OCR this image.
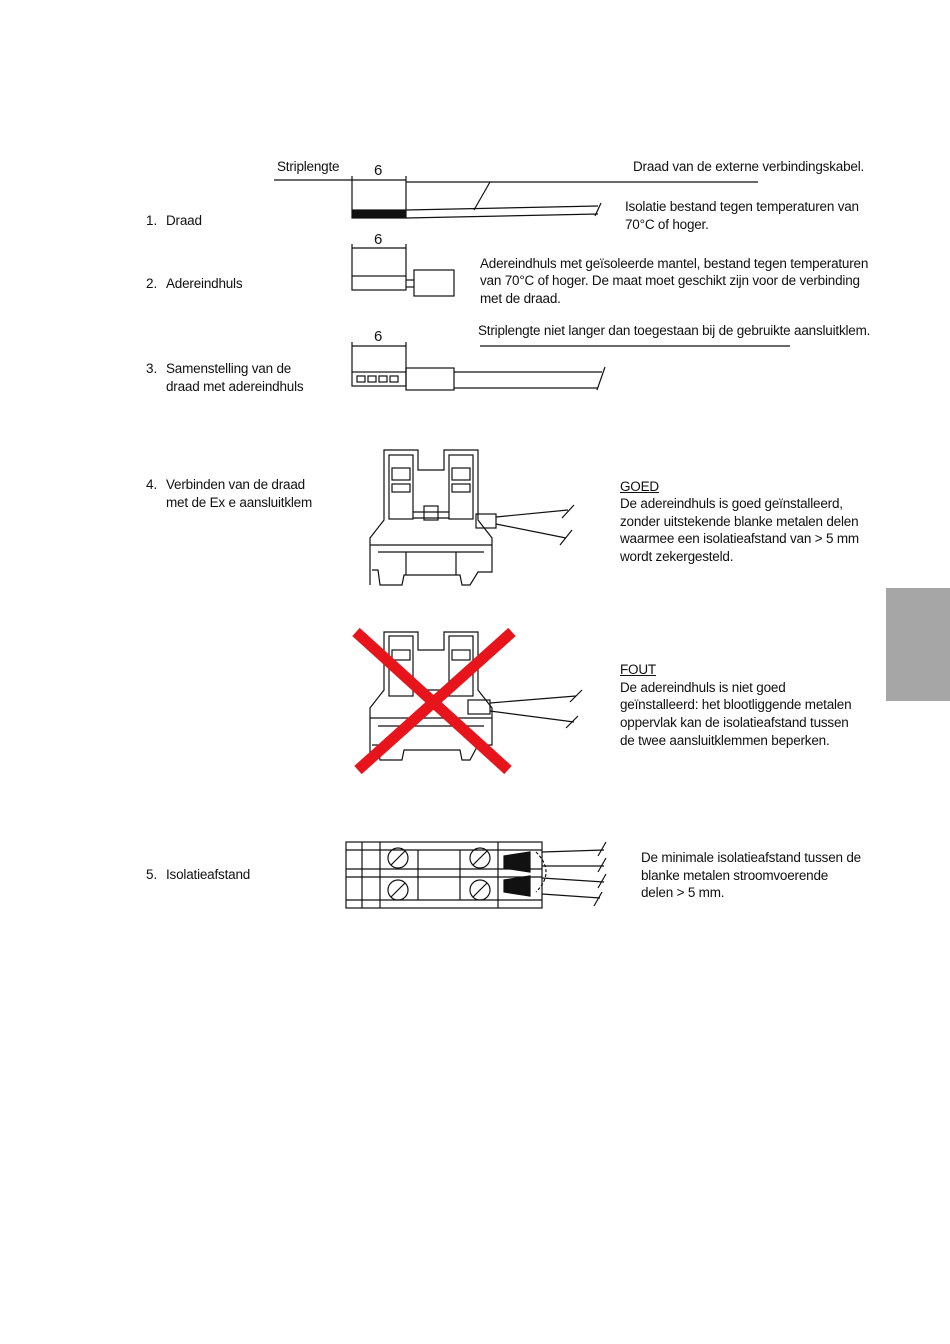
Striplengte 6
6
6
Draad van de externe verbindingskabel.
1. Draad
2. Adereindhuls
3. Samenstelling van de
draad met adereindhuls
4. Verbinden van de draad
met de Ex e aansluitklem
5. Isolatieafstand
Isolatie bestand tegen temperaturen van
70°C of hoger.
Adereindhuls met geïsoleerde mantel, bestand tegen temperaturen
van 70°C of hoger. De maat moet geschikt zijn voor de verbinding
met de draad.
Striplengte niet langer dan toegestaan bij de gebruikte aansluitklem.
GOED
De adereindhuls is goed geïnstalleerd,
zonder uitstekende blanke metalen delen
waarmee een isolatieafstand van > 5 mm
wordt zekergesteld.
FOUT
De adereindhuls is niet goed
geïnstalleerd: het blootliggende metalen
oppervlak kan de isolatieafstand tussen
de twee aansluitklemmen beperken.
De minimale isolatieafstand tussen de
blanke metalen stroomvoerende
delen > 5 mm.
